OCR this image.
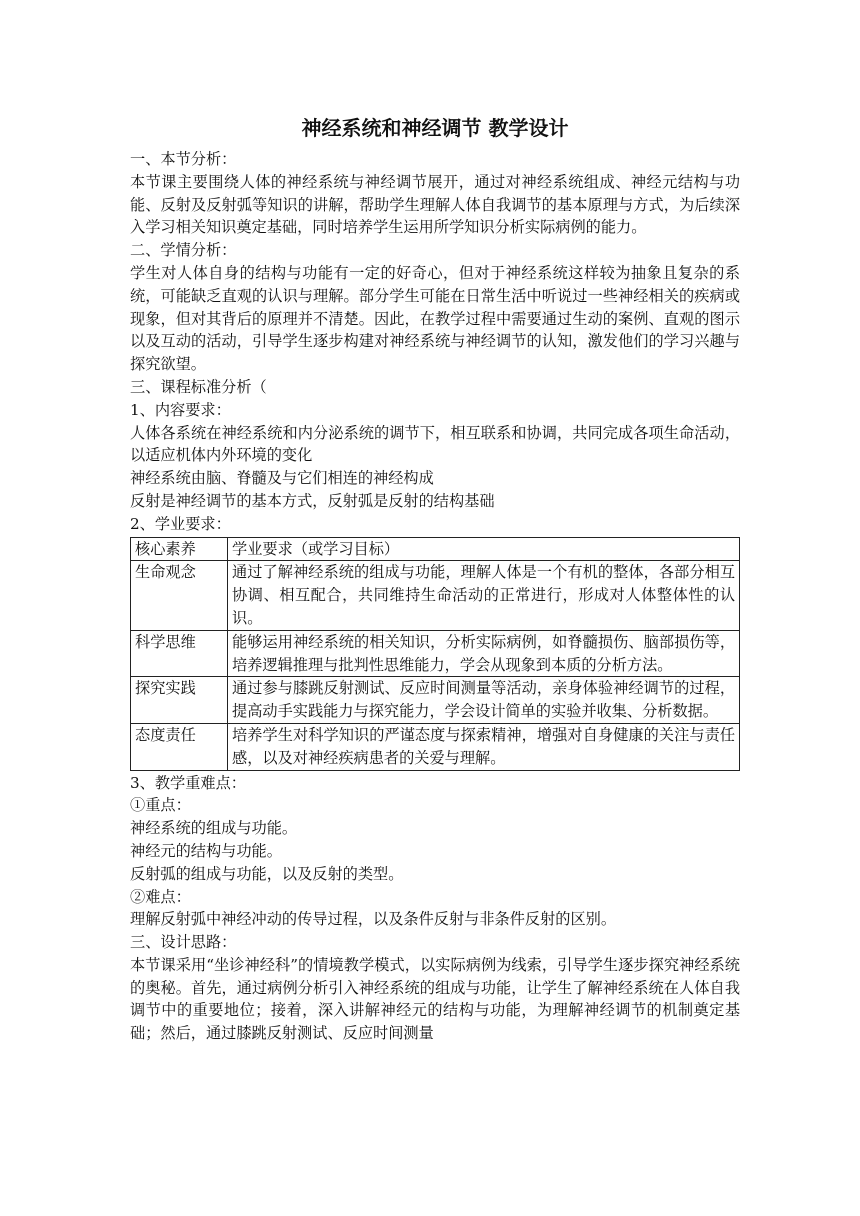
神经系统和神经调节 教学设计
一、本节分析：
本节课主要围绕人体的神经系统与神经调节展开，通过对神经系统组成、神经元结构与功能、反射及反射弧等知识的讲解，帮助学生理解人体自我调节的基本原理与方式，为后续深入学习相关知识奠定基础，同时培养学生运用所学知识分析实际病例的能力。
二、学情分析：
学生对人体自身的结构与功能有一定的好奇心，但对于神经系统这样较为抽象且复杂的系统，可能缺乏直观的认识与理解。部分学生可能在日常生活中听说过一些神经相关的疾病或现象，但对其背后的原理并不清楚。因此，在教学过程中需要通过生动的案例、直观的图示以及互动的活动，引导学生逐步构建对神经系统与神经调节的认知，激发他们的学习兴趣与探究欲望。
三、课程标准分析（
1、内容要求：
人体各系统在神经系统和内分泌系统的调节下，相互联系和协调，共同完成各项生命活动，以适应机体内外环境的变化
神经系统由脑、脊髓及与它们相连的神经构成
反射是神经调节的基本方式，反射弧是反射的结构基础
2、学业要求：
核心素养	学业要求（或学习目标）
生命观念	通过了解神经系统的组成与功能，理解人体是一个有机的整体，各部分相互协调、相互配合，共同维持生命活动的正常进行，形成对人体整体性的认识。
科学思维	能够运用神经系统的相关知识，分析实际病例，如脊髓损伤、脑部损伤等，培养逻辑推理与批判性思维能力，学会从现象到本质的分析方法。
探究实践	通过参与膝跳反射测试、反应时间测量等活动，亲身体验神经调节的过程，提高动手实践能力与探究能力，学会设计简单的实验并收集、分析数据。
态度责任	培养学生对科学知识的严谨态度与探索精神，增强对自身健康的关注与责任感，以及对神经疾病患者的关爱与理解。
3、教学重难点：
①重点：
神经系统的组成与功能。
神经元的结构与功能。
反射弧的组成与功能，以及反射的类型。
②难点：
理解反射弧中神经冲动的传导过程，以及条件反射与非条件反射的区别。
三、设计思路：
本节课采用“坐诊神经科”的情境教学模式，以实际病例为线索，引导学生逐步探究神经系统的奥秘。首先，通过病例分析引入神经系统的组成与功能，让学生了解神经系统在人体自我调节中的重要地位；接着，深入讲解神经元的结构与功能，为理解神经调节的机制奠定基础；然后，通过膝跳反射测试、反应时间测量
